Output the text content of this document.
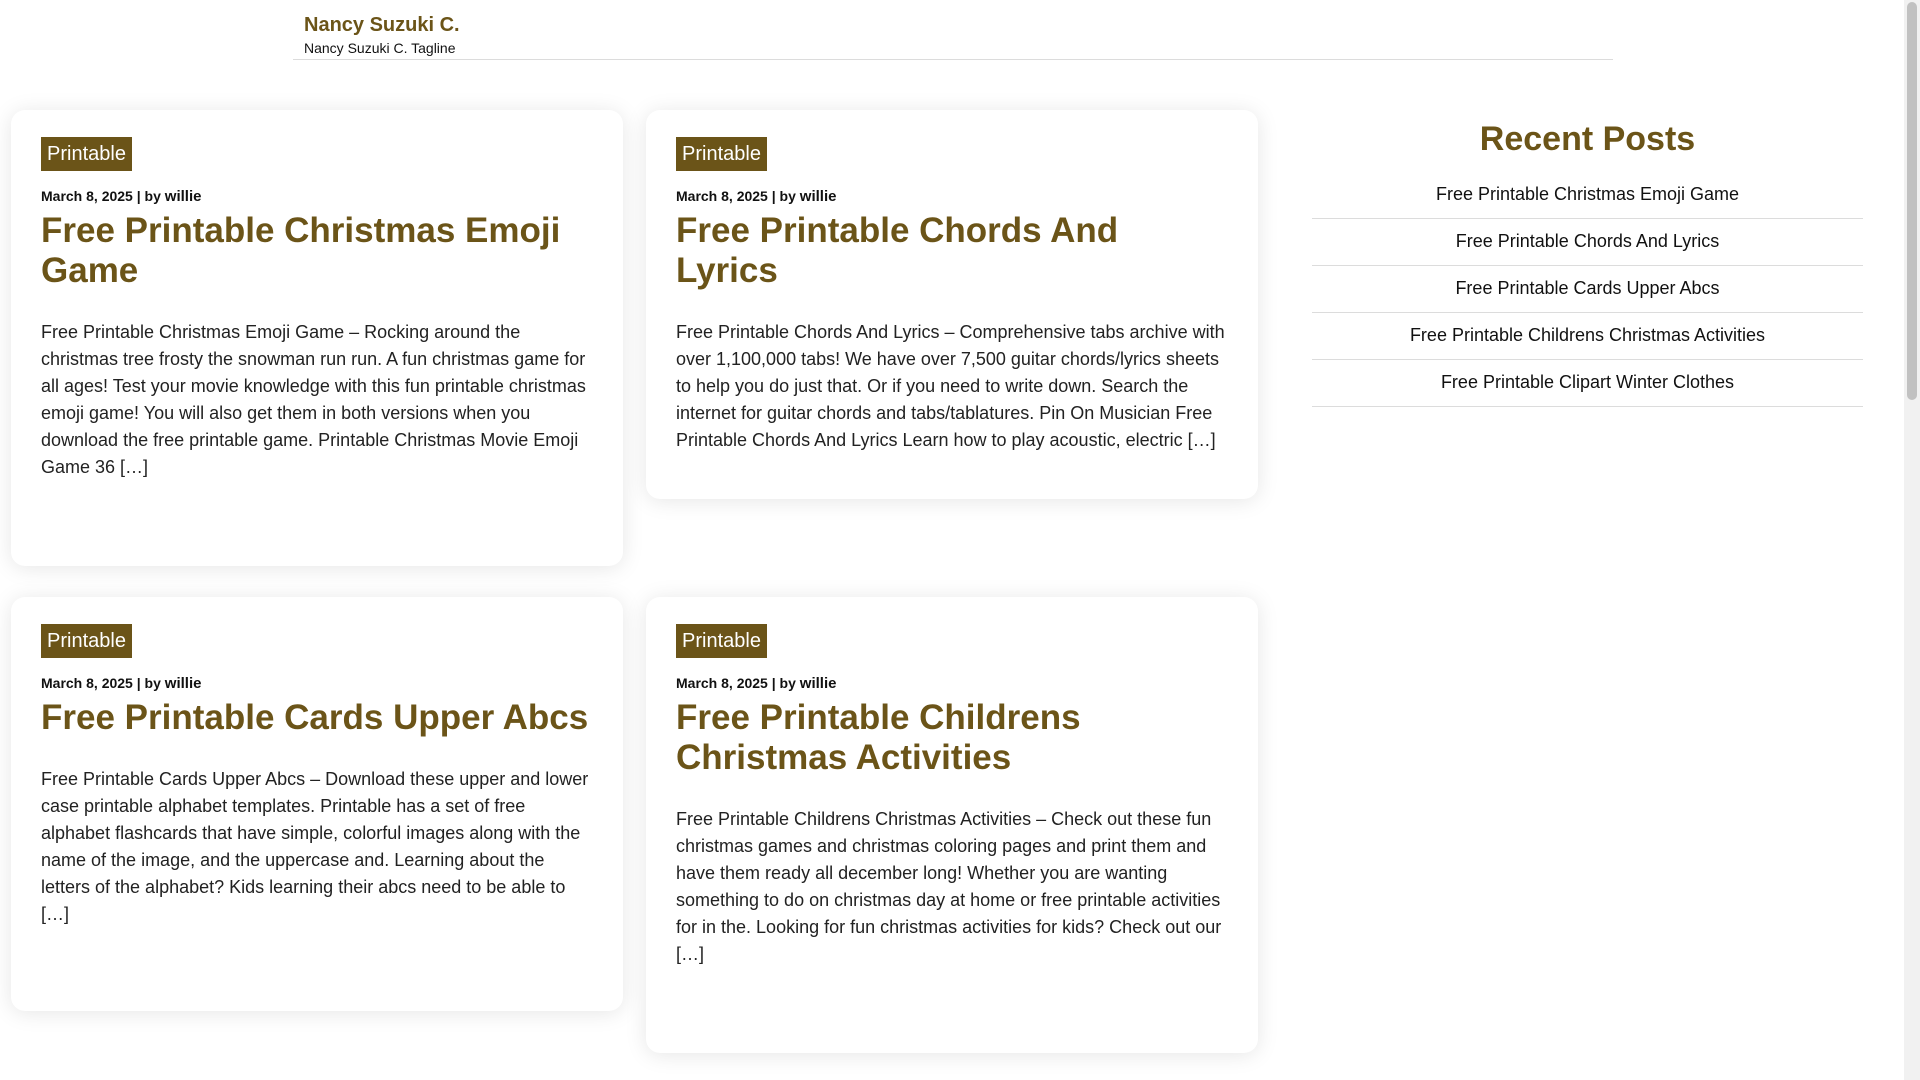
Nancy Suzuki C.
Nancy Suzuki C. Tagline
Printable
March 8, 2025 | by willie
Free Printable Christmas Emoji Game
Free Printable Christmas Emoji Game – Rocking around the christmas tree frosty the snowman run run. A fun christmas game for all ages! Test your movie knowledge with this fun printable christmas emoji game! You will also get them in both versions when you download the free printable game. Printable Christmas Movie Emoji Game 36 […]
Printable
March 8, 2025 | by willie
Free Printable Chords And Lyrics
Free Printable Chords And Lyrics – Comprehensive tabs archive with over 1,100,000 tabs! We have over 7,500 guitar chords/lyrics sheets to help you do just that. Or if you need to write down. Search the internet for guitar chords and tabs/tablatures. Pin On Musician Free Printable Chords And Lyrics Learn how to play acoustic, electric […]
Printable
March 8, 2025 | by willie
Free Printable Cards Upper Abcs
Free Printable Cards Upper Abcs – Download these upper and lower case printable alphabet templates. Printable has a set of free alphabet flashcards that have simple, colorful images along with the name of the image, and the uppercase and. Learning about the letters of the alphabet? Kids learning their abcs need to be able to […]
Printable
March 8, 2025 | by willie
Free Printable Childrens Christmas Activities
Free Printable Childrens Christmas Activities – Check out these fun christmas games and christmas coloring pages and print them and have them ready all december long! Whether you are wanting something to do on christmas day at home or free printable activities for in the. Looking for fun christmas activities for kids? Check out our […]
Recent Posts
Free Printable Christmas Emoji Game
Free Printable Chords And Lyrics
Free Printable Cards Upper Abcs
Free Printable Childrens Christmas Activities
Free Printable Clipart Winter Clothes
